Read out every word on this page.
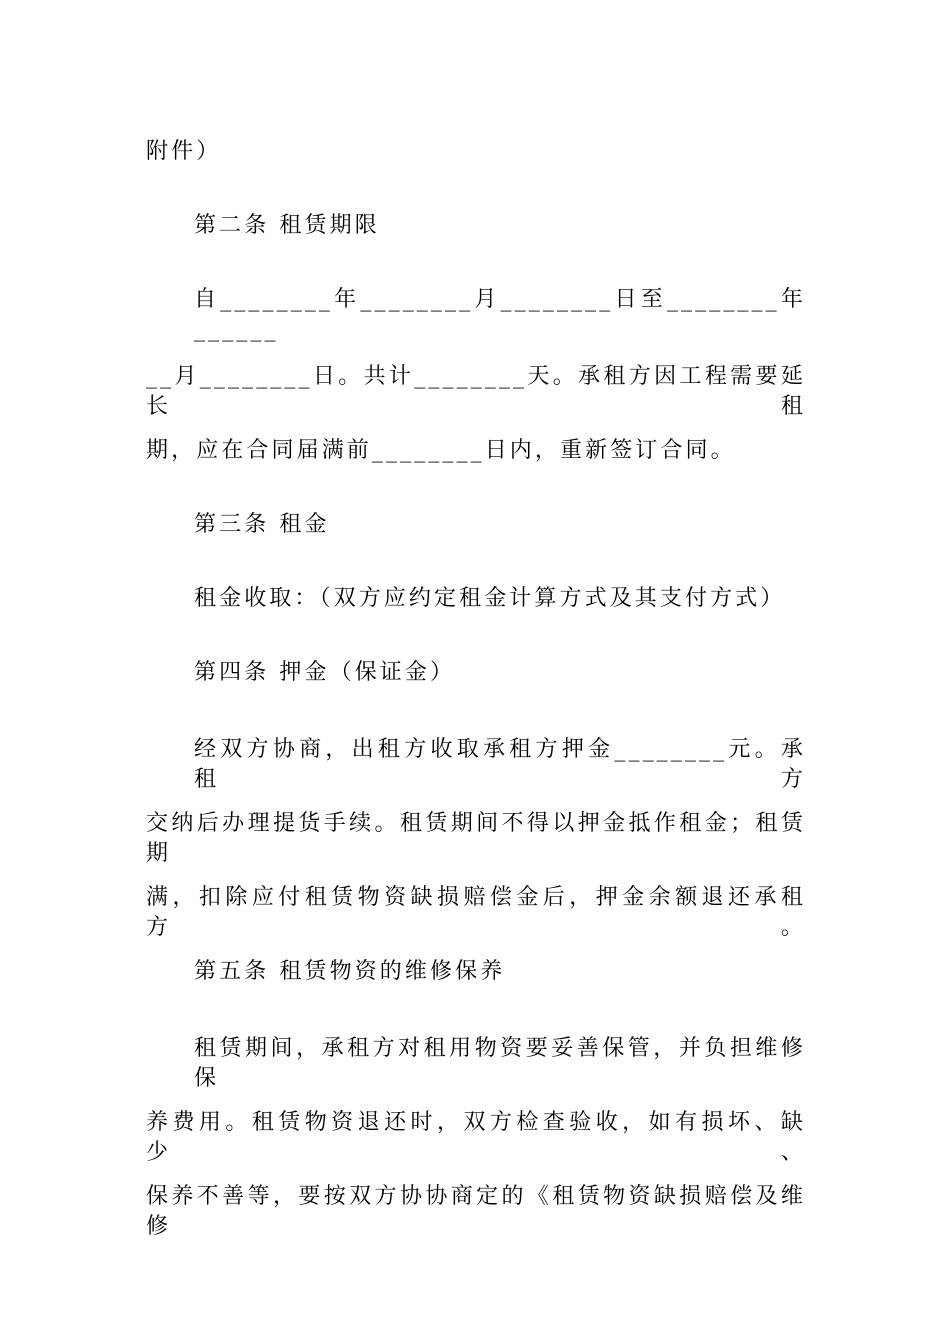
附件）
第二条 租赁期限
自________年________月________日至________年______
__月________日。共计________天。承租方因工程需要延长租
期，应在合同届满前________日内，重新签订合同。
第三条 租金
租金收取：（双方应约定租金计算方式及其支付方式）
第四条 押金（保证金）
经双方协商，出租方收取承租方押金________元。承租方
交纳后办理提货手续。租赁期间不得以押金抵作租金；租赁期
满，扣除应付租赁物资缺损赔偿金后，押金余额退还承租方。
第五条 租赁物资的维修保养
租赁期间，承租方对租用物资要妥善保管，并负担维修保
养费用。租赁物资退还时，双方检查验收，如有损坏、缺少、
保养不善等，要按双方协协商定的《租赁物资缺损赔偿及维修
